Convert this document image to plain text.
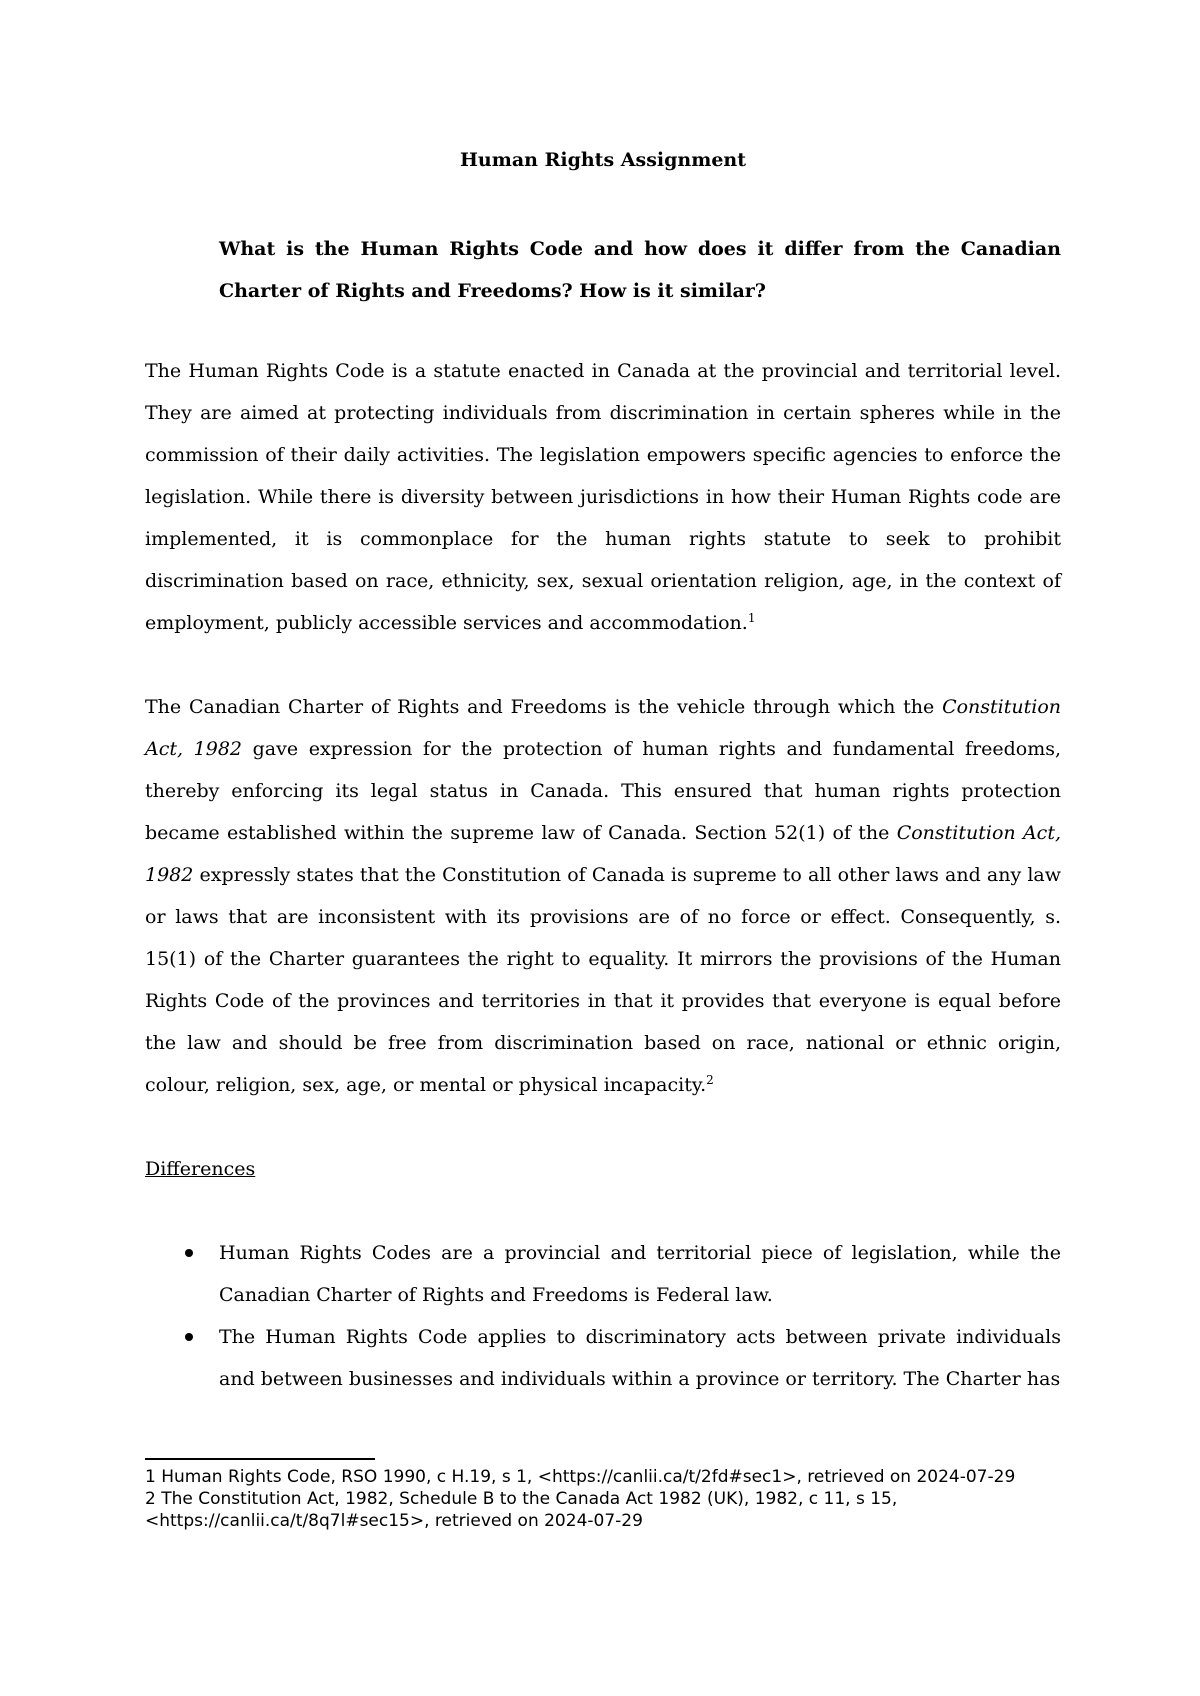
Human Rights Assignment
What is the Human Rights Code and how does it differ from the Canadian Charter of Rights and Freedoms? How is it similar?

The Human Rights Code is a statute enacted in Canada at the provincial and territorial level. They are aimed at protecting individuals from discrimination in certain spheres while in the commission of their daily activities. The legislation empowers specific agencies to enforce the legislation. While there is diversity between jurisdictions in how their Human Rights code are implemented, it is commonplace for the human rights statute to seek to prohibit discrimination based on race, ethnicity, sex, sexual orientation religion, age, in the context of employment, publicly accessible services and accommodation.$^1$

The Canadian Charter of Rights and Freedoms is the vehicle through which the Constitution Act, 1982 gave expression for the protection of human rights and fundamental freedoms, thereby enforcing its legal status in Canada. This ensured that human rights protection became established within the supreme law of Canada. Section 52(1) of the Constitution Act, 1982 expressly states that the Constitution of Canada is supreme to all other laws and any law or laws that are inconsistent with its provisions are of no force or effect. Consequently, s. 15(1) of the Charter guarantees the right to equality. It mirrors the provisions of the Human Rights Code of the provinces and territories in that it provides that everyone is equal before the law and should be free from discrimination based on race, national or ethnic origin, colour, religion, sex, age, or mental or physical incapacity.$^2$

Differences
Human Rights Codes are a provincial and territorial piece of legislation, while the Canadian Charter of Rights and Freedoms is Federal law.
The Human Rights Code applies to discriminatory acts between private individuals and between businesses and individuals within a province or territory. The Charter has

1 Human Rights Code, RSO 1990, c H.19, s 1, <https://canlii.ca/t/2fd#sec1>, retrieved on 2024-07-29

2 The Constitution Act, 1982, Schedule B to the Canada Act 1982 (UK), 1982, c 11, s 15, <https://canlii.ca/t/8q7l#sec15>, retrieved on 2024-07-29
